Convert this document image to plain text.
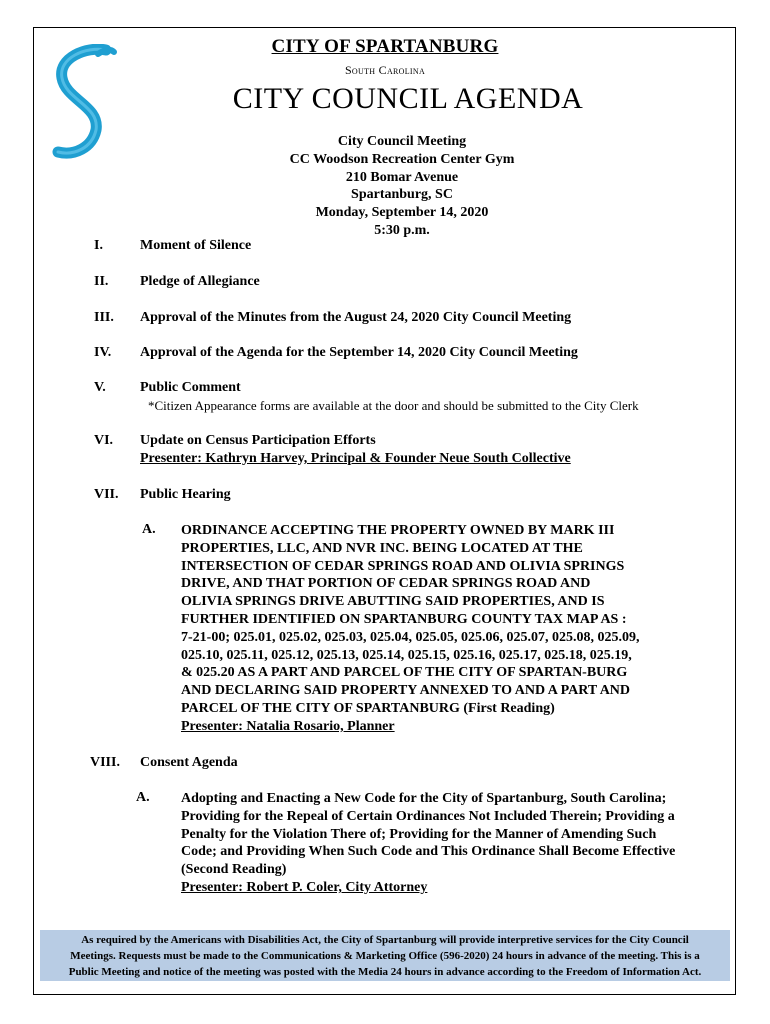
CITY OF SPARTANBURG
South Carolina
CITY COUNCIL AGENDA
City Council Meeting
CC Woodson Recreation Center Gym
210 Bomar Avenue
Spartanburg, SC
Monday, September 14, 2020
5:30 p.m.
I.	Moment of Silence
II. Pledge of Allegiance
III. Approval of the Minutes from the August 24, 2020 City Council Meeting
IV. Approval of the Agenda for the September 14, 2020 City Council Meeting
V. Public Comment
*Citizen Appearance forms are available at the door and should be submitted to the City Clerk
VI. Update on Census Participation Efforts
Presenter: Kathryn Harvey, Principal & Founder Neue South Collective
VII. Public Hearing
A. ORDINANCE ACCEPTING THE PROPERTY OWNED BY MARK III
PROPERTIES, LLC, AND NVR INC. BEING LOCATED AT THE
INTERSECTION OF CEDAR SPRINGS ROAD AND OLIVIA SPRINGS
DRIVE, AND THAT PORTION OF CEDAR SPRINGS ROAD AND
OLIVIA SPRINGS DRIVE ABUTTING SAID PROPERTIES, AND IS
FURTHER IDENTIFIED ON SPARTANBURG COUNTY TAX MAP AS :
7-21-00; 025.01, 025.02, 025.03, 025.04, 025.05, 025.06, 025.07, 025.08, 025.09,
025.10, 025.11, 025.12, 025.13, 025.14, 025.15, 025.16, 025.17, 025.18, 025.19,
& 025.20 AS A PART AND PARCEL OF THE CITY OF SPARTAN-BURG
AND DECLARING SAID PROPERTY ANNEXED TO AND A PART AND
PARCEL OF THE CITY OF SPARTANBURG (First Reading)
Presenter: Natalia Rosario, Planner
VIII. Consent Agenda
A. Adopting and Enacting a New Code for the City of Spartanburg, South Carolina;
Providing for the Repeal of Certain Ordinances Not Included Therein; Providing a
Penalty for the Violation There of; Providing for the Manner of Amending Such
Code; and Providing When Such Code and This Ordinance Shall Become Effective
(Second Reading)
Presenter: Robert P. Coler, City Attorney
As required by the Americans with Disabilities Act, the City of Spartanburg will provide interpretive services for the City Council
Meetings. Requests must be made to the Communications & Marketing Office (596-2020) 24 hours in advance of the meeting. This is a
Public Meeting and notice of the meeting was posted with the Media 24 hours in advance according to the Freedom of Information Act.
